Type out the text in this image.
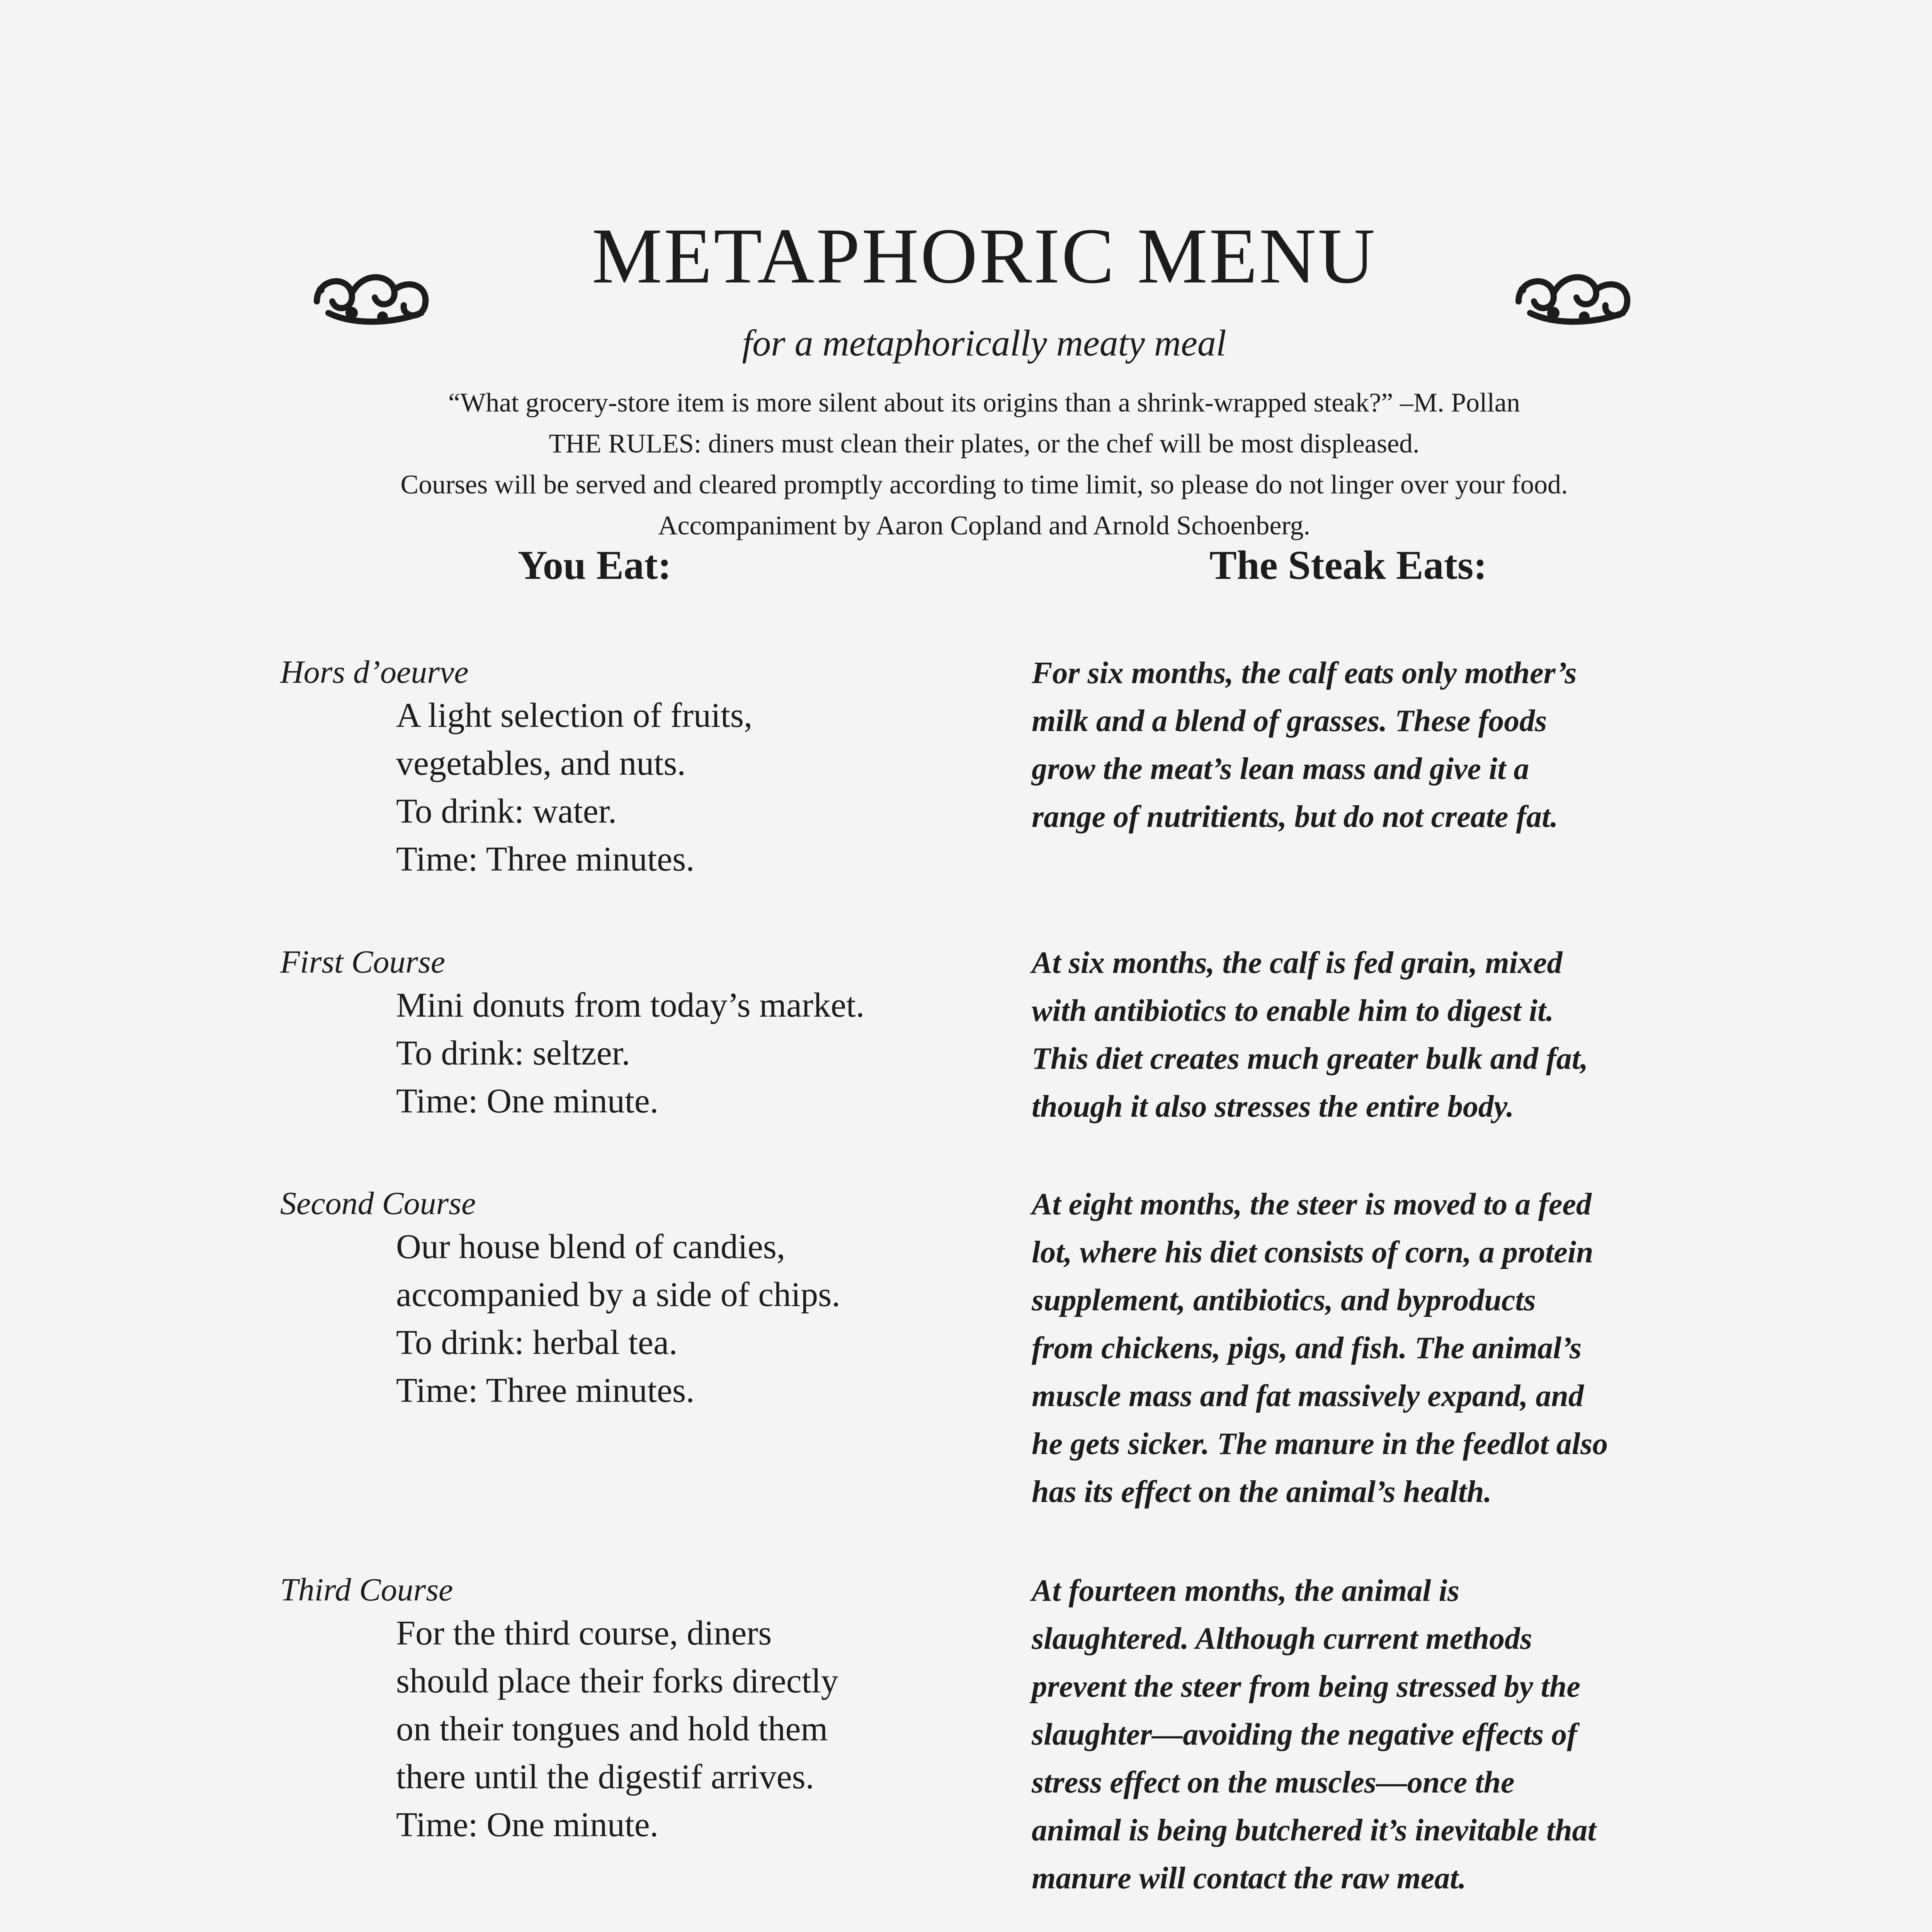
METAPHORIC MENU
for a metaphorically meaty meal
“What grocery-store item is more silent about its origins than a shrink-wrapped steak?” –M. Pollan
THE RULES: diners must clean their plates, or the chef will be most displeased.
Courses will be served and cleared promptly according to time limit, so please do not linger over your food.
Accompaniment by Aaron Copland and Arnold Schoenberg.
You Eat:	The Steak Eats:
Hors d’oeurve
A light selection of fruits,
vegetables, and nuts.
To drink: water.
Time: Three minutes.
First Course
Mini donuts from today’s market.
To drink: seltzer.
Time: One minute.
Second Course
Our house blend of candies,
accompanied by a side of chips.
To drink: herbal tea.
Time: Three minutes.
Third Course
For the third course, diners
should place their forks directly
on their tongues and hold them
there until the digestif arrives.
Time: One minute.
For six months, the calf eats only mother’s
milk and a blend of grasses. These foods
grow the meat’s lean mass and give it a
range of nutritients, but do not create fat.
At six months, the calf is fed grain, mixed
with antibiotics to enable him to digest it.
This diet creates much greater bulk and fat,
though it also stresses the entire body.
At eight months, the steer is moved to a feed
lot, where his diet consists of corn, a protein
supplement, antibiotics, and byproducts
from chickens, pigs, and fish. The animal’s
muscle mass and fat massively expand, and
he gets sicker. The manure in the feedlot also
has its effect on the animal’s health.
At fourteen months, the animal is
slaughtered. Although current methods
prevent the steer from being stressed by the
slaughter—avoiding the negative effects of
stress effect on the muscles—once the
animal is being butchered it’s inevitable that
manure will contact the raw meat.
